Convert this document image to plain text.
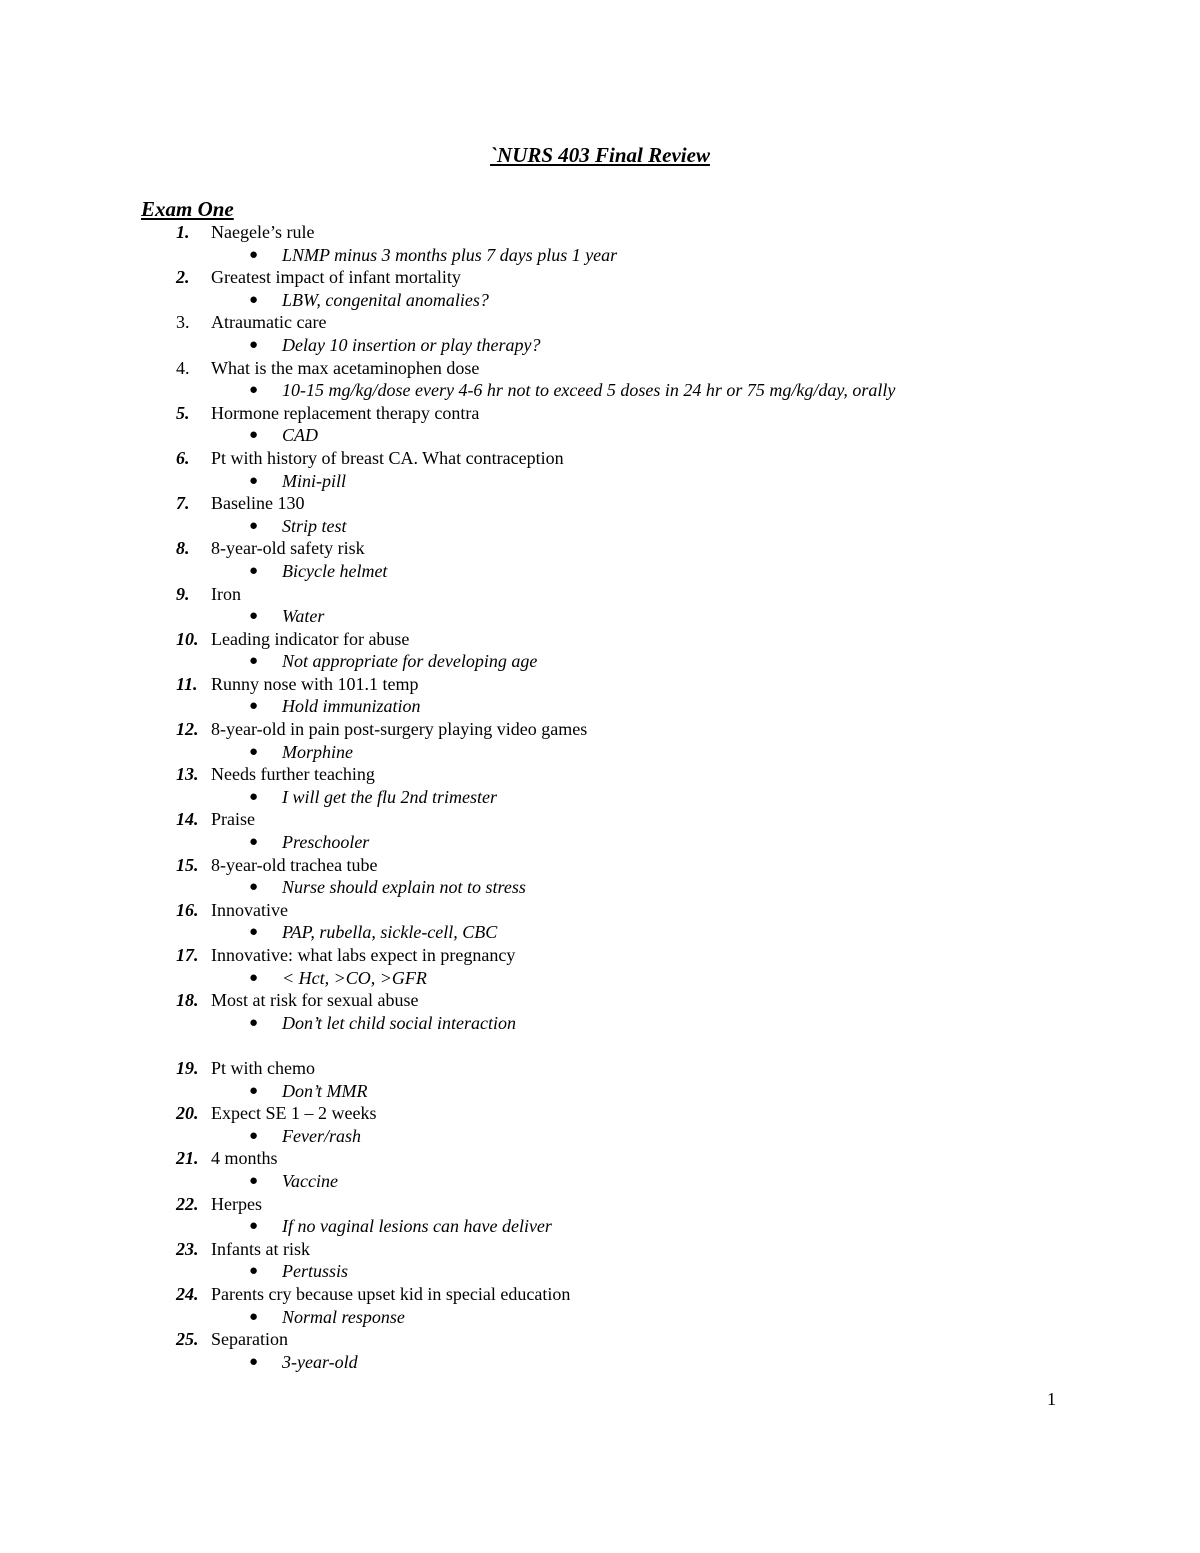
`NURS 403 Final Review
Exam One
1. Naegele’s rule
● LNMP minus 3 months plus 7 days plus 1 year
2. Greatest impact of infant mortality
● LBW, congenital anomalies?
3. Atraumatic care
● Delay 10 insertion or play therapy?
4. What is the max acetaminophen dose
● 10-15 mg/kg/dose every 4-6 hr not to exceed 5 doses in 24 hr or 75 mg/kg/day, orally
5. Hormone replacement therapy contra
● CAD
6. Pt with history of breast CA. What contraception
● Mini-pill
7. Baseline 130
● Strip test
8. 8-year-old safety risk
● Bicycle helmet
9. Iron
● Water
10. Leading indicator for abuse
● Not appropriate for developing age
11. Runny nose with 101.1 temp
● Hold immunization
12. 8-year-old in pain post-surgery playing video games
● Morphine
13. Needs further teaching
● I will get the flu 2nd trimester
14. Praise
● Preschooler
15. 8-year-old trachea tube
● Nurse should explain not to stress
16. Innovative
● PAP, rubella, sickle-cell, CBC
17. Innovative: what labs expect in pregnancy
● < Hct, >CO, >GFR
18. Most at risk for sexual abuse
● Don’t let child social interaction
19. Pt with chemo
● Don’t MMR
20. Expect SE 1 – 2 weeks
● Fever/rash
21. 4 months
● Vaccine
22. Herpes
● If no vaginal lesions can have deliver
23. Infants at risk
● Pertussis
24. Parents cry because upset kid in special education
● Normal response
25. Separation
● 3-year-old
1
